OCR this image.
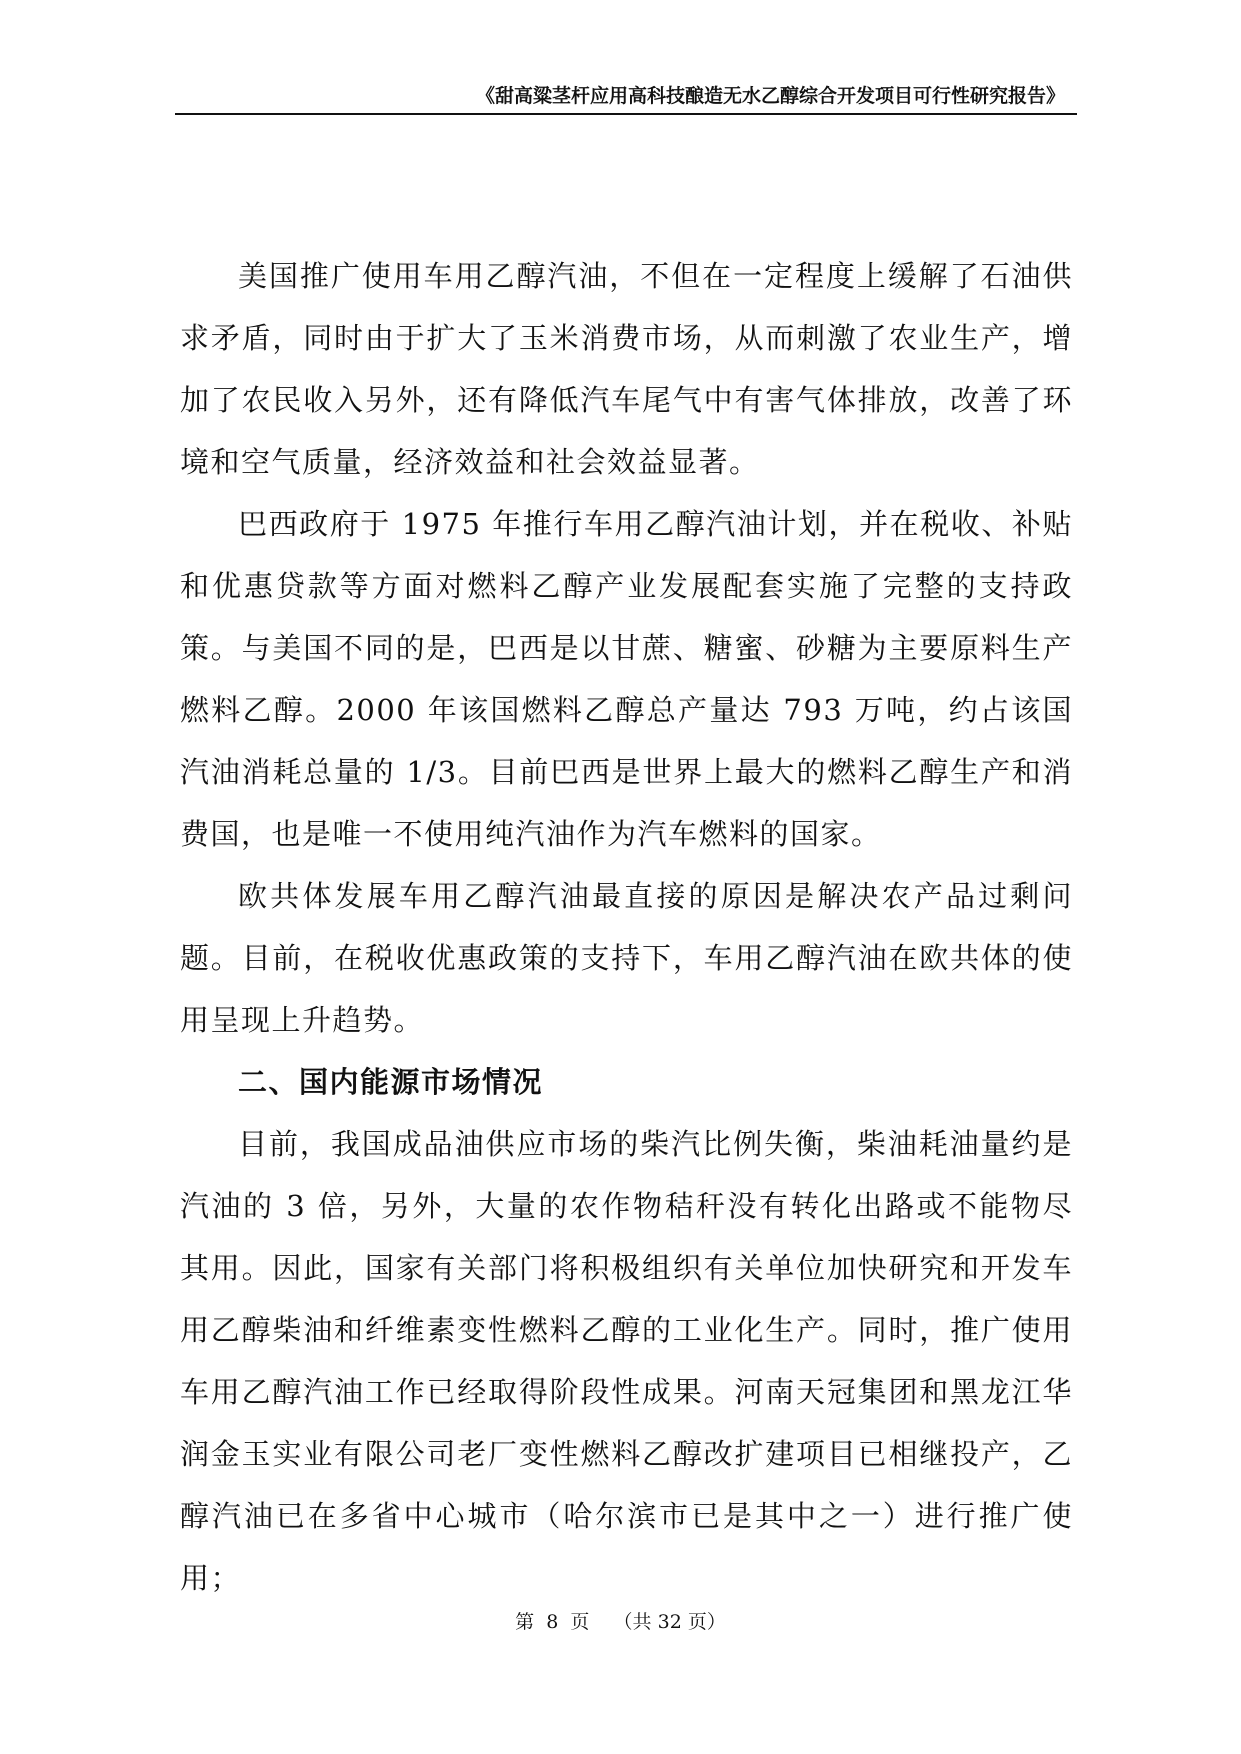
《甜高粱茎杆应用高科技酿造无水乙醇综合开发项目可行性研究报告》

美国推广使用车用乙醇汽油，不但在一定程度上缓解了石油供求矛盾，同时由于扩大了玉米消费市场，从而刺激了农业生产，增加了农民收入另外，还有降低汽车尾气中有害气体排放，改善了环境和空气质量，经济效益和社会效益显著。

巴西政府于 1975 年推行车用乙醇汽油计划，并在税收、补贴和优惠贷款等方面对燃料乙醇产业发展配套实施了完整的支持政策。与美国不同的是，巴西是以甘蔗、糖蜜、砂糖为主要原料生产燃料乙醇。2000 年该国燃料乙醇总产量达 793 万吨，约占该国汽油消耗总量的 1/3。目前巴西是世界上最大的燃料乙醇生产和消费国，也是唯一不使用纯汽油作为汽车燃料的国家。

欧共体发展车用乙醇汽油最直接的原因是解决农产品过剩问题。目前，在税收优惠政策的支持下，车用乙醇汽油在欧共体的使用呈现上升趋势。

二、国内能源市场情况

目前，我国成品油供应市场的柴汽比例失衡，柴油耗油量约是汽油的 3 倍，另外，大量的农作物秸秆没有转化出路或不能物尽其用。因此，国家有关部门将积极组织有关单位加快研究和开发车用乙醇柴油和纤维素变性燃料乙醇的工业化生产。同时，推广使用车用乙醇汽油工作已经取得阶段性成果。河南天冠集团和黑龙江华润金玉实业有限公司老厂变性燃料乙醇改扩建项目已相继投产，乙醇汽油已在多省中心城市（哈尔滨市已是其中之一）进行推广使用；

第  8  页    （共 32 页）
